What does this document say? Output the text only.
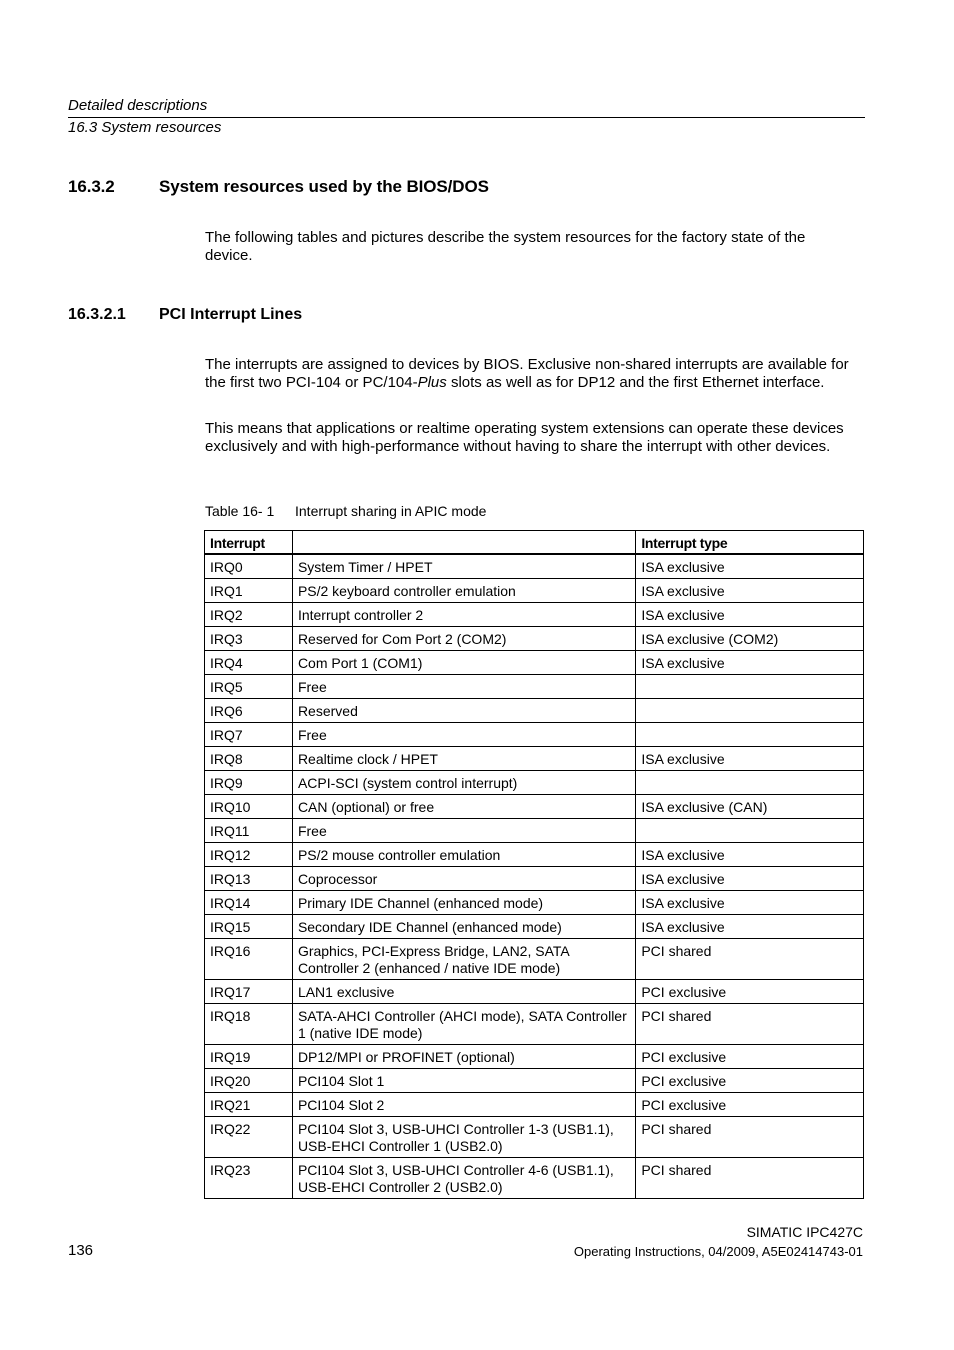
Detailed descriptions
16.3 System resources
16.3.2	System resources used by the BIOS/DOS
The following tables and pictures describe the system resources for the factory state of the device.
16.3.2.1 PCI Interrupt Lines
The interrupts are assigned to devices by BIOS. Exclusive non-shared interrupts are available for the first two PCI-104 or PC/104-Plus slots as well as for DP12 and the first Ethernet interface.
This means that applications or realtime operating system extensions can operate these devices exclusively and with high-performance without having to share the interrupt with other devices.
Table 16- 1 Interrupt sharing in APIC mode
Interrupt		Interrupt type
IRQ0	System Timer / HPET	ISA exclusive
IRQ1	PS/2 keyboard controller emulation	ISA exclusive
IRQ2	Interrupt controller 2	ISA exclusive
IRQ3	Reserved for Com Port 2 (COM2)	ISA exclusive (COM2)
IRQ4	Com Port 1 (COM1)	ISA exclusive
IRQ5	Free	
IRQ6	Reserved	
IRQ7	Free	
IRQ8	Realtime clock / HPET	ISA exclusive
IRQ9	ACPI-SCI (system control interrupt)	
IRQ10	CAN (optional) or free	ISA exclusive (CAN)
IRQ11	Free	
IRQ12	PS/2 mouse controller emulation	ISA exclusive
IRQ13	Coprocessor	ISA exclusive
IRQ14	Primary IDE Channel (enhanced mode)	ISA exclusive
IRQ15	Secondary IDE Channel (enhanced mode)	ISA exclusive
IRQ16	Graphics, PCI-Express Bridge, LAN2, SATA Controller 2 (enhanced / native IDE mode)	PCI shared
IRQ17	LAN1 exclusive	PCI exclusive
IRQ18	SATA-AHCI Controller (AHCI mode), SATA Controller 1 (native IDE mode)	PCI shared
IRQ19	DP12/MPI or PROFINET (optional)	PCI exclusive
IRQ20	PCI104 Slot 1	PCI exclusive
IRQ21	PCI104 Slot 2	PCI exclusive
IRQ22	PCI104 Slot 3, USB-UHCI Controller 1-3 (USB1.1), USB-EHCI Controller 1 (USB2.0)	PCI shared
IRQ23	PCI104 Slot 3, USB-UHCI Controller 4-6 (USB1.1), USB-EHCI Controller 2 (USB2.0)	PCI shared
SIMATIC IPC427C
136	Operating Instructions, 04/2009, A5E02414743-01
